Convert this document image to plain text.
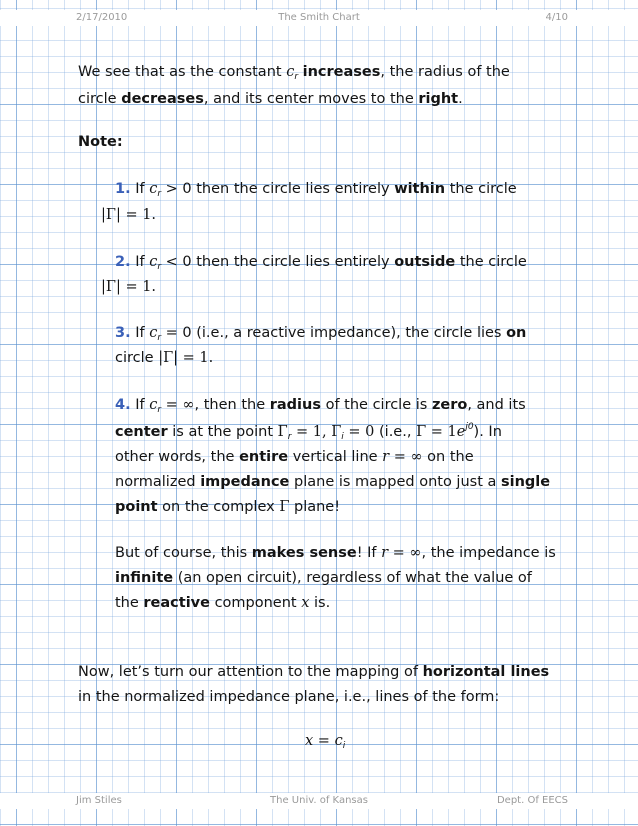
2/17/2010	The Smith Chart	4/10

We see that as the constant $c_r$ increases, the radius of the

circle decreases, and its center moves to the right.

Note:

1. If $c_r > 0$ then the circle lies entirely within the circle

|Γ| = 1.

2. If $c_r < 0$ then the circle lies entirely outside the circle

|Γ| = 1.

3. If $c_r = 0$ (i.e., a reactive impedance), the circle lies on

circle |Γ| = 1.

4. If $c_r$ = ∞, then the radius of the circle is zero, and its

center is at the point $\Gamma_r = 1$, $\Gamma_i = 0$ (i.e., $\Gamma = 1e^{j0}$). In

other words, the entire vertical line r = ∞ on the

normalized impedance plane is mapped onto just a single

point on the complex Γ plane!

But of course, this makes sense! If r = ∞, the impedance is

infinite (an open circuit), regardless of what the value of

the reactive component x is.

Now, let’s turn our attention to the mapping of horizontal lines

in the normalized impedance plane, i.e., lines of the form:

$x = c_i$

Jim Stiles	The Univ. of Kansas	Dept. Of EECS
